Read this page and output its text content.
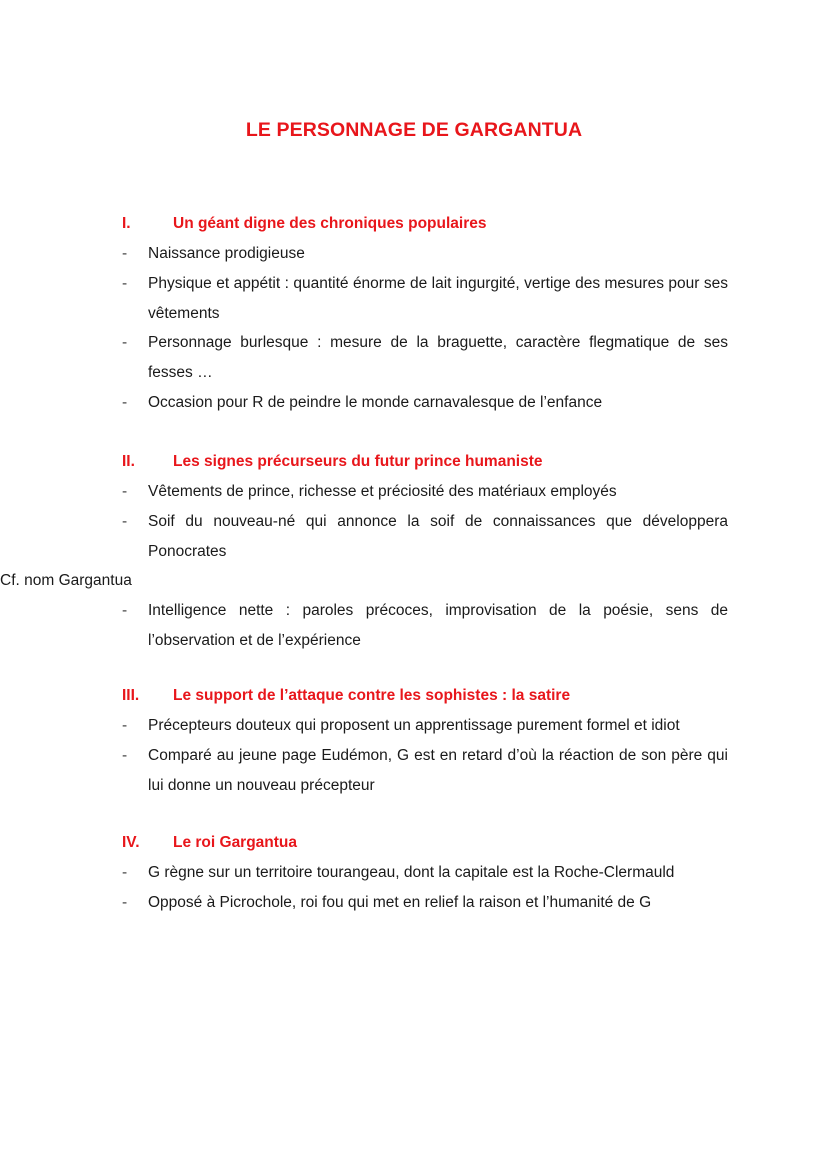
LE PERSONNAGE DE GARGANTUA
I.	Un géant digne des chroniques populaires
- Naissance prodigieuse
- Physique et appétit : quantité énorme de lait ingurgité, vertige des mesures pour ses vêtements
- Personnage burlesque : mesure de la braguette, caractère flegmatique de ses fesses …
- Occasion pour R de peindre le monde carnavalesque de l’enfance
II. Les signes précurseurs du futur prince humaniste
- Vêtements de prince, richesse et préciosité des matériaux employés
- Soif du nouveau-né qui annonce la soif de connaissances que développera Ponocrates
Cf. nom Gargantua
- Intelligence nette : paroles précoces, improvisation de la poésie, sens de l’observation et de l’expérience
III. Le support de l’attaque contre les sophistes : la satire
- Précepteurs douteux qui proposent un apprentissage purement formel et idiot
- Comparé au jeune page Eudémon, G est en retard d’où la réaction de son père qui lui donne un nouveau précepteur
IV. Le roi Gargantua
- G règne sur un territoire tourangeau, dont la capitale est la Roche-Clermauld
- Opposé à Picrochole, roi fou qui met en relief la raison et l’humanité de G
